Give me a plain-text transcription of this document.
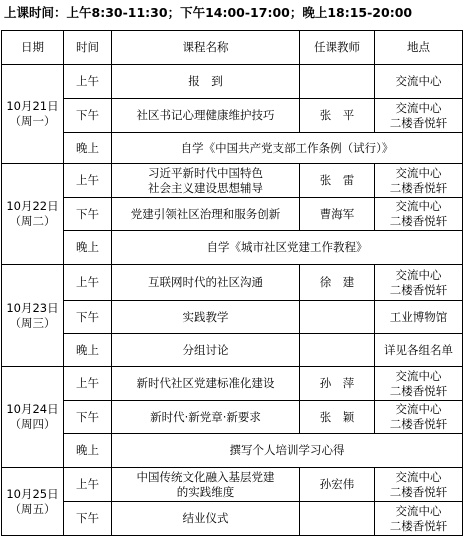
上课时间：上午8:30-11:30；下午14:00-17:00；晚上18:15-20:00
日期	时间	课程名称	任课教师	地点

10月21日
（周一）	上午	报　到		交流中心

	下午	社区书记心理健康维护技巧	张　平	交流中心
二楼香悦轩

	晚上	自学《中国共产党支部工作条例（试行）》		

10月22日
（周二）	上午	习近平新时代中国特色
社会主义建设思想辅导	张　雷	交流中心
二楼香悦轩

	下午	党建引领社区治理和服务创新	曹海军	交流中心
二楼香悦轩

	晚上	自学《城市社区党建工作教程》		

10月23日
（周三）	上午	互联网时代的社区沟通	徐　建	交流中心
二楼香悦轩

	下午	实践教学		工业博物馆

	晚上	分组讨论		详见各组名单

10月24日
（周四）	上午	新时代社区党建标准化建设	孙　萍	交流中心
二楼香悦轩

	下午	新时代·新党章·新要求	张　颖	交流中心
二楼香悦轩

	晚上	撰写个人培训学习心得		

10月25日
（周五）	上午	中国传统文化融入基层党建
的实践维度	孙宏伟	交流中心
二楼香悦轩

	下午	结业仪式		交流中心
二楼香悦轩
